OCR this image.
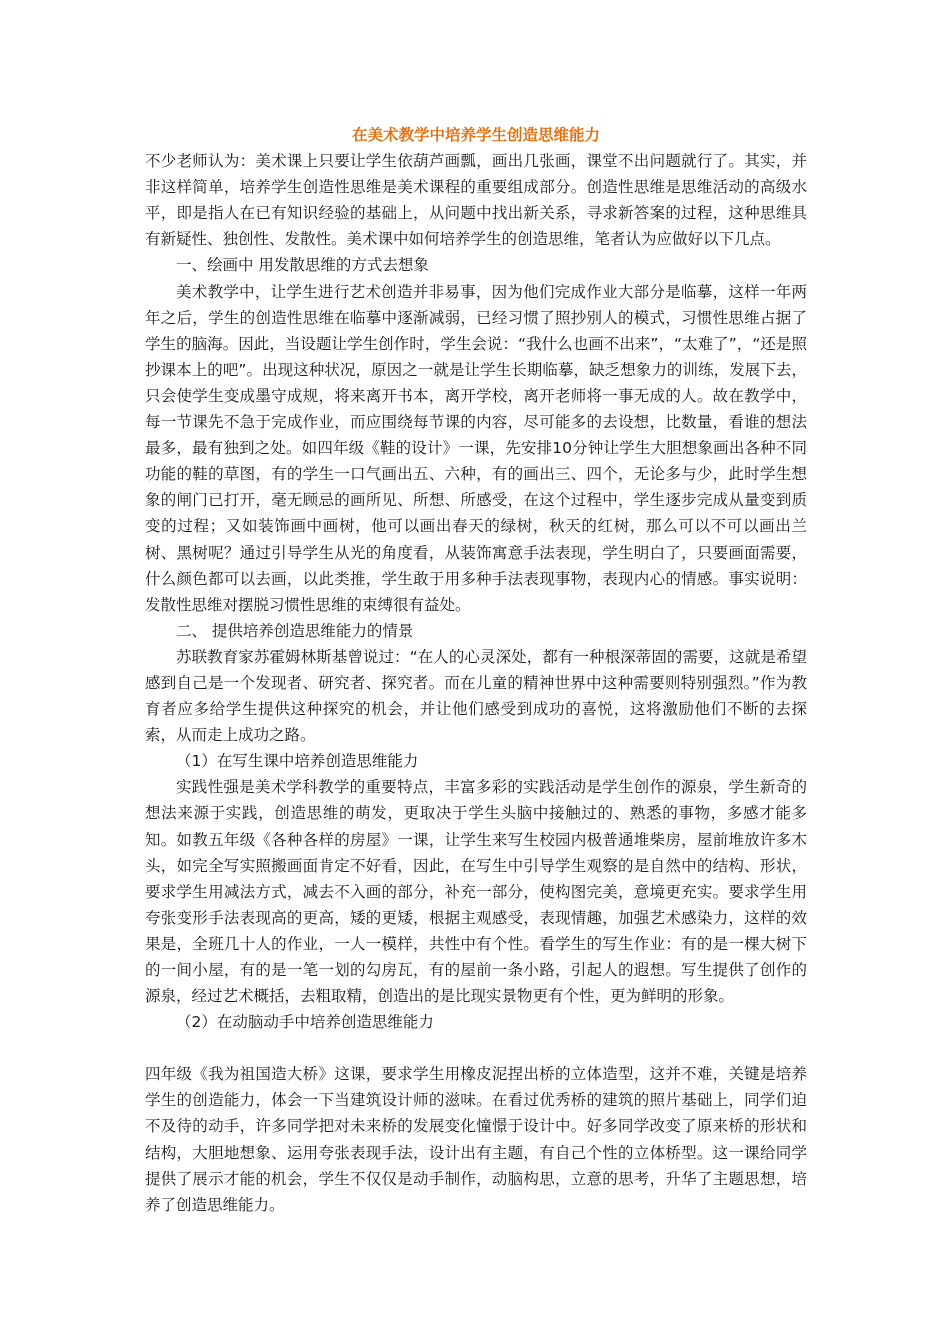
在美术教学中培养学生创造思维能力

不少老师认为：美术课上只要让学生依葫芦画瓢，画出几张画，课堂不出问题就行了。其实，并非这样简单，培养学生创造性思维是美术课程的重要组成部分。创造性思维是思维活动的高级水平，即是指人在已有知识经验的基础上，从问题中找出新关系，寻求新答案的过程，这种思维具有新疑性、独创性、发散性。美术课中如何培养学生的创造思维，笔者认为应做好以下几点。

一、绘画中 用发散思维的方式去想象

美术教学中，让学生进行艺术创造并非易事，因为他们完成作业大部分是临摹，这样一年两年之后，学生的创造性思维在临摹中逐渐减弱，已经习惯了照抄别人的模式，习惯性思维占据了学生的脑海。因此，当设题让学生创作时，学生会说：“我什么也画不出来”，“太难了”，“还是照抄课本上的吧”。出现这种状况，原因之一就是让学生长期临摹，缺乏想象力的训练，发展下去，只会使学生变成墨守成规，将来离开书本，离开学校，离开老师将一事无成的人。故在教学中，每一节课先不急于完成作业，而应围绕每节课的内容，尽可能多的去设想，比数量，看谁的想法最多，最有独到之处。如四年级《鞋的设计》一课，先安排10分钟让学生大胆想象画出各种不同功能的鞋的草图，有的学生一口气画出五、六种，有的画出三、四个，无论多与少，此时学生想象的闸门已打开，毫无顾忌的画所见、所想、所感受，在这个过程中，学生逐步完成从量变到质变的过程；又如装饰画中画树，他可以画出春天的绿树，秋天的红树，那么可以不可以画出兰树、黑树呢？通过引导学生从光的角度看，从装饰寓意手法表现，学生明白了，只要画面需要，什么颜色都可以去画，以此类推，学生敢于用多种手法表现事物，表现内心的情感。事实说明：发散性思维对摆脱习惯性思维的束缚很有益处。

二、 提供培养创造思维能力的情景

苏联教育家苏霍姆林斯基曾说过：“在人的心灵深处，都有一种根深蒂固的需要，这就是希望感到自己是一个发现者、研究者、探究者。而在儿童的精神世界中这种需要则特别强烈。”作为教育者应多给学生提供这种探究的机会，并让他们感受到成功的喜悦，这将激励他们不断的去探索，从而走上成功之路。

（1）在写生课中培养创造思维能力

实践性强是美术学科教学的重要特点，丰富多彩的实践活动是学生创作的源泉，学生新奇的想法来源于实践，创造思维的萌发，更取决于学生头脑中接触过的、熟悉的事物，多感才能多知。如教五年级《各种各样的房屋》一课，让学生来写生校园内极普通堆柴房，屋前堆放许多木头，如完全写实照搬画面肯定不好看，因此，在写生中引导学生观察的是自然中的结构、形状，要求学生用减法方式，减去不入画的部分，补充一部分，使构图完美，意境更充实。要求学生用夸张变形手法表现高的更高，矮的更矮，根据主观感受，表现情趣，加强艺术感染力，这样的效果是，全班几十人的作业，一人一模样，共性中有个性。看学生的写生作业：有的是一棵大树下的一间小屋，有的是一笔一划的勾房瓦，有的屋前一条小路，引起人的遐想。写生提供了创作的源泉，经过艺术概括，去粗取精，创造出的是比现实景物更有个性，更为鲜明的形象。

（2）在动脑动手中培养创造思维能力

四年级《我为祖国造大桥》这课，要求学生用橡皮泥捏出桥的立体造型，这并不难，关键是培养学生的创造能力，体会一下当建筑设计师的滋味。在看过优秀桥的建筑的照片基础上，同学们迫不及待的动手，许多同学把对未来桥的发展变化憧憬于设计中。好多同学改变了原来桥的形状和结构，大胆地想象、运用夸张表现手法，设计出有主题，有自己个性的立体桥型。这一课给同学提供了展示才能的机会，学生不仅仅是动手制作，动脑构思，立意的思考，升华了主题思想，培养了创造思维能力。
